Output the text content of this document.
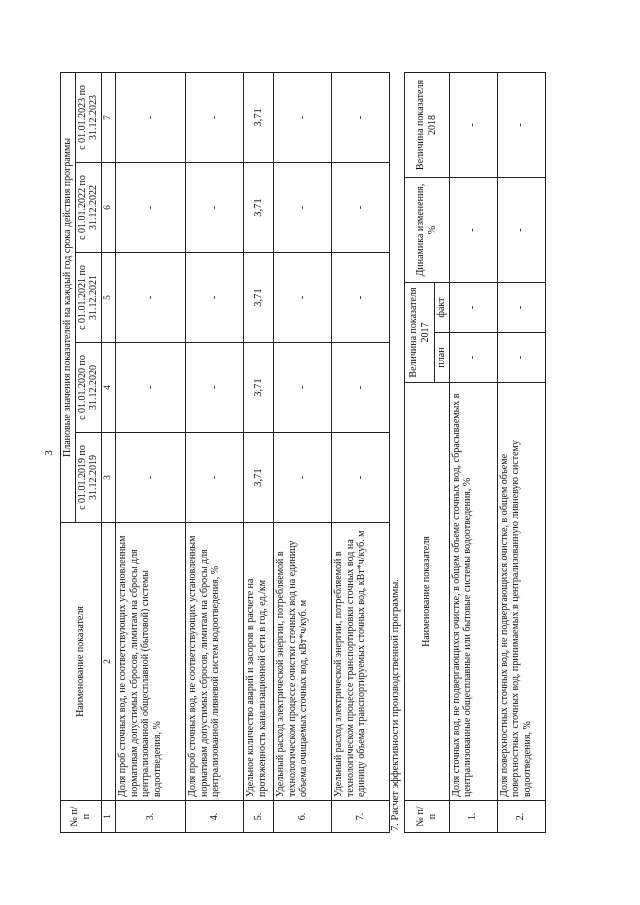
3
№ п/п	Наименование показателя	Плановые значения показателей на каждый год срока действия программы				
		с 01.01.2019 по 31.12.2019	с 01.01.2020 по 31.12.2020	с 01.01.2021 по 31.12.2021	с 01.01.2022 по 31.12.2022	с 01.01.2023 по 31.12.2023
1	2	3	4	5	6	7
3.	Доля проб сточных вод, не соответствующих установленным нормативам допустимых сбросов, лимитам на сбросы для централизованной общесплавной (бытовой) системы водоотведения, %	-	-	-	-	-
4.	Доля проб сточных вод, не соответствующих установленным нормативам допустимых сбросов, лимитам на сбросы для централизованной ливневой систем водоотведения, %	-	-	-	-	-
5.	Удельное количество аварий и засоров в расчете на протяженность канализационной сети в год, ед./км	3,71	3,71	3,71	3,71	3,71
6.	Удельный расход электрической энергии, потребляемой в технологическом процессе очистки сточных вод на единицу объема очищаемых сточных вод, кВт*ч/куб. м	-	-	-	-	-
7.	Удельный расход электрической энергии, потребляемой в технологическом процессе транспортировки сточных вод на единицу объема транспортируемых сточных вод, кВт*ч/куб. м	-	-	-	-	-
7. Расчет эффективности производственной программы. № п/п	Наименование показателя	Величина показателя 2017		Динамика изменения, %	Величина показателя 2018
		план	факт		
1.	Доля сточных вод, не подвергающихся очистке, в общем объеме сточных вод, сбрасываемых в централизованные общесплавные или бытовые системы водоотведения, %	-	-	-	-
2.	Доля поверхностных сточных вод, не подвергающихся очистке, в общем объеме поверхностных сточных вод, принимаемых в централизованную ливневую систему водоотведения, %	-	-	-	-
